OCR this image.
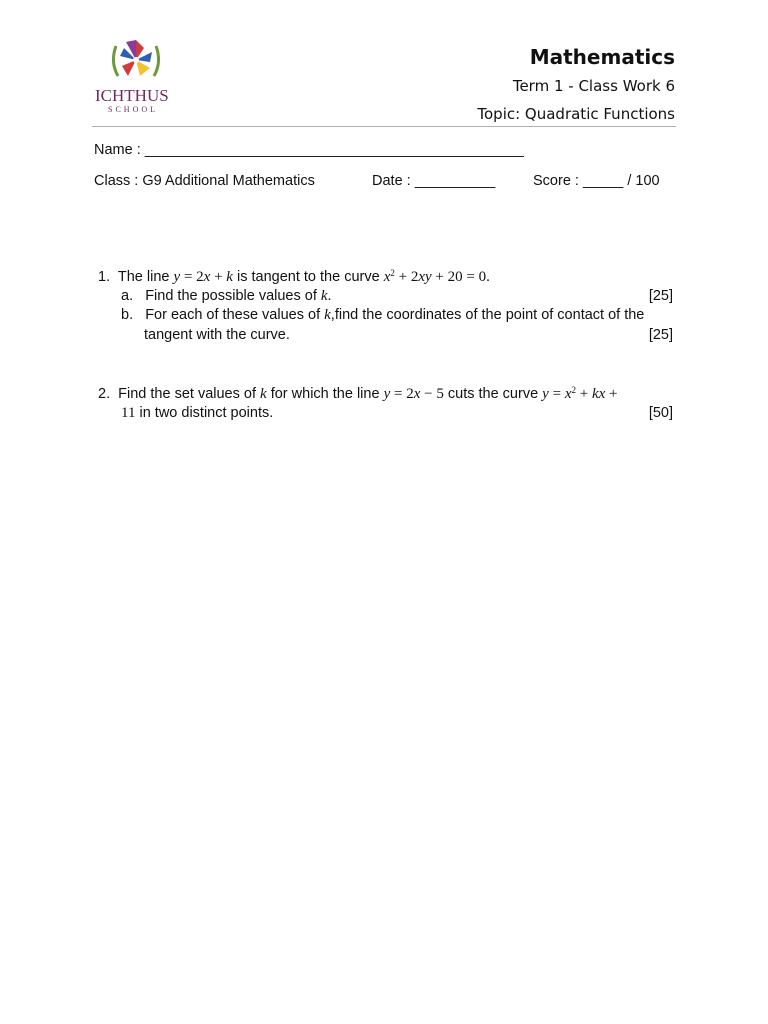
ICHTHUS
SCHOOL
Mathematics
Term 1 - Class Work 6
Topic: Quadratic Functions
Name : _______________________________________________
Class : G9 Additional Mathematics	Date : __________	Score : _____ / 100
1. The line y = 2x + k is tangent to the curve $x^2 + 2xy + 20 = 0$.
a. Find the possible values of k.	[25]
b. For each of these values of k,find the coordinates of the point of contact of the
tangent with the curve.	[25]
2. Find the set values of k for which the line y = 2x − 5 cuts the curve $y = x^2$ + kx +
11 in two distinct points.	[50]
